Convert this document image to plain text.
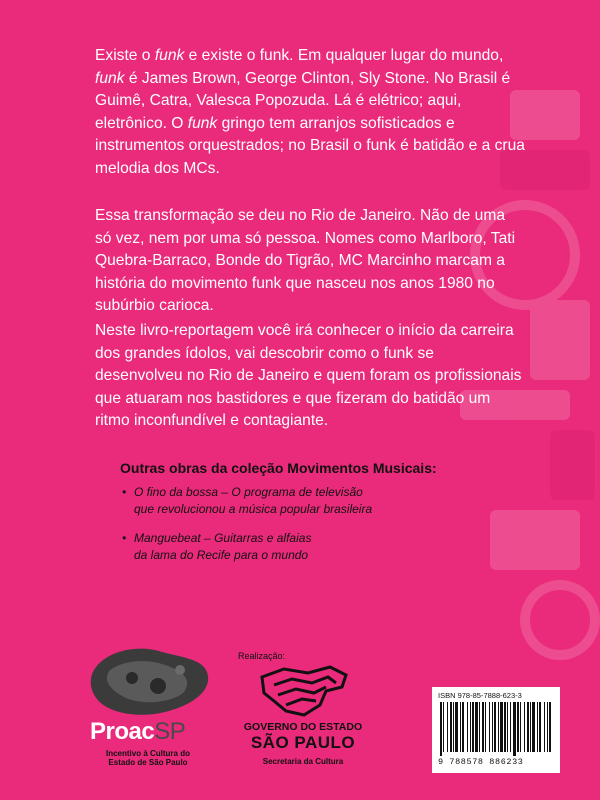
Existe o funk e existe o funk. Em qualquer lugar do mundo, funk é James Brown, George Clinton, Sly Stone. No Brasil é Guimê, Catra, Valesca Popozuda. Lá é elétrico; aqui, eletrônico. O funk gringo tem arranjos sofisticados e instrumentos orquestrados; no Brasil o funk é batidão e a crua melodia dos MCs.

Essa transformação se deu no Rio de Janeiro. Não de uma só vez, nem por uma só pessoa. Nomes como Marlboro, Tati Quebra-Barraco, Bonde do Tigrão, MC Marcinho marcam a história do movimento funk que nasceu nos anos 1980 no subúrbio carioca.

Neste livro-reportagem você irá conhecer o início da carreira dos grandes ídolos, vai descobrir como o funk se desenvolveu no Rio de Janeiro e quem foram os profissionais que atuaram nos bastidores e que fizeram do batidão um ritmo inconfundível e contagiante.

Outras obras da coleção Movimentos Musicais:
• O fino da bossa – O programa de televisão
que revolucionou a música popular brasileira
• Manguebeat – Guitarras e alfaias
da lama do Recife para o mundo
ProacSP
Incentivo à Cultura do
Estado de São Paulo
Realização:
GOVERNO DO ESTADO
SÃO PAULO
Secretaria da Cultura
ISBN 978-85-7888-623-3
9 788578 886233
